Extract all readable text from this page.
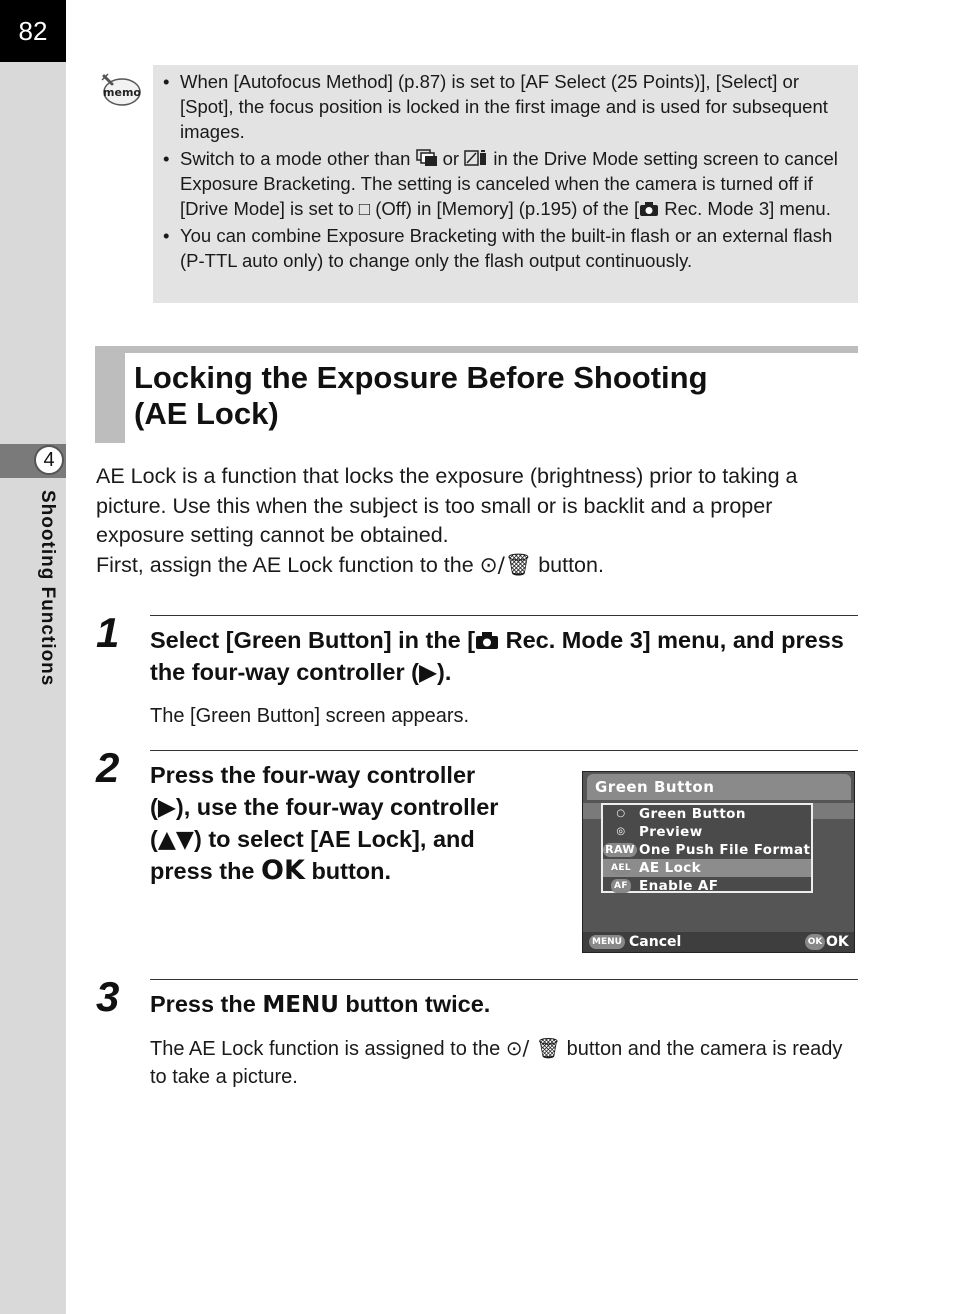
82
4
Shooting Functions
memo
• When [Autofocus Method] (p.87) is set to [AF Select (25 Points)], [Select] or [Spot], the focus position is locked in the first image and is used for subsequent images.
• Switch to a mode other than or in the Drive Mode setting screen to cancel Exposure Bracketing. The setting is canceled when the camera is turned off if [Drive Mode] is set to □ (Off) in [Memory] (p.195) of the [ Rec. Mode 3] menu.
• You can combine Exposure Bracketing with the built-in flash or an external flash (P-TTL auto only) to change only the flash output continuously.
Locking the Exposure Before Shooting
(AE Lock)

AE Lock is a function that locks the exposure (brightness) prior to taking a picture. Use this when the subject is too small or is backlit and a proper exposure setting cannot be obtained.

First, assign the AE Lock function to the ⊙/🗑 button.

1 Select [Green Button] in the [ Rec. Mode 3] menu, and press the four-way controller (▶).
The [Green Button] screen appears.
2 Press the four-way controller
(▶), use the four-way controller
(▲▼) to select [AE Lock], and
press the OK button.
Green Button
○ Green Button
◎ Preview
RAW One Push File Format
AEL AE Lock
AF Enable AF
MENU Cancel	OK OK
3 Press the MENU button twice.
The AE Lock function is assigned to the ⊙/ 🗑 button and the camera is ready to take a picture.
